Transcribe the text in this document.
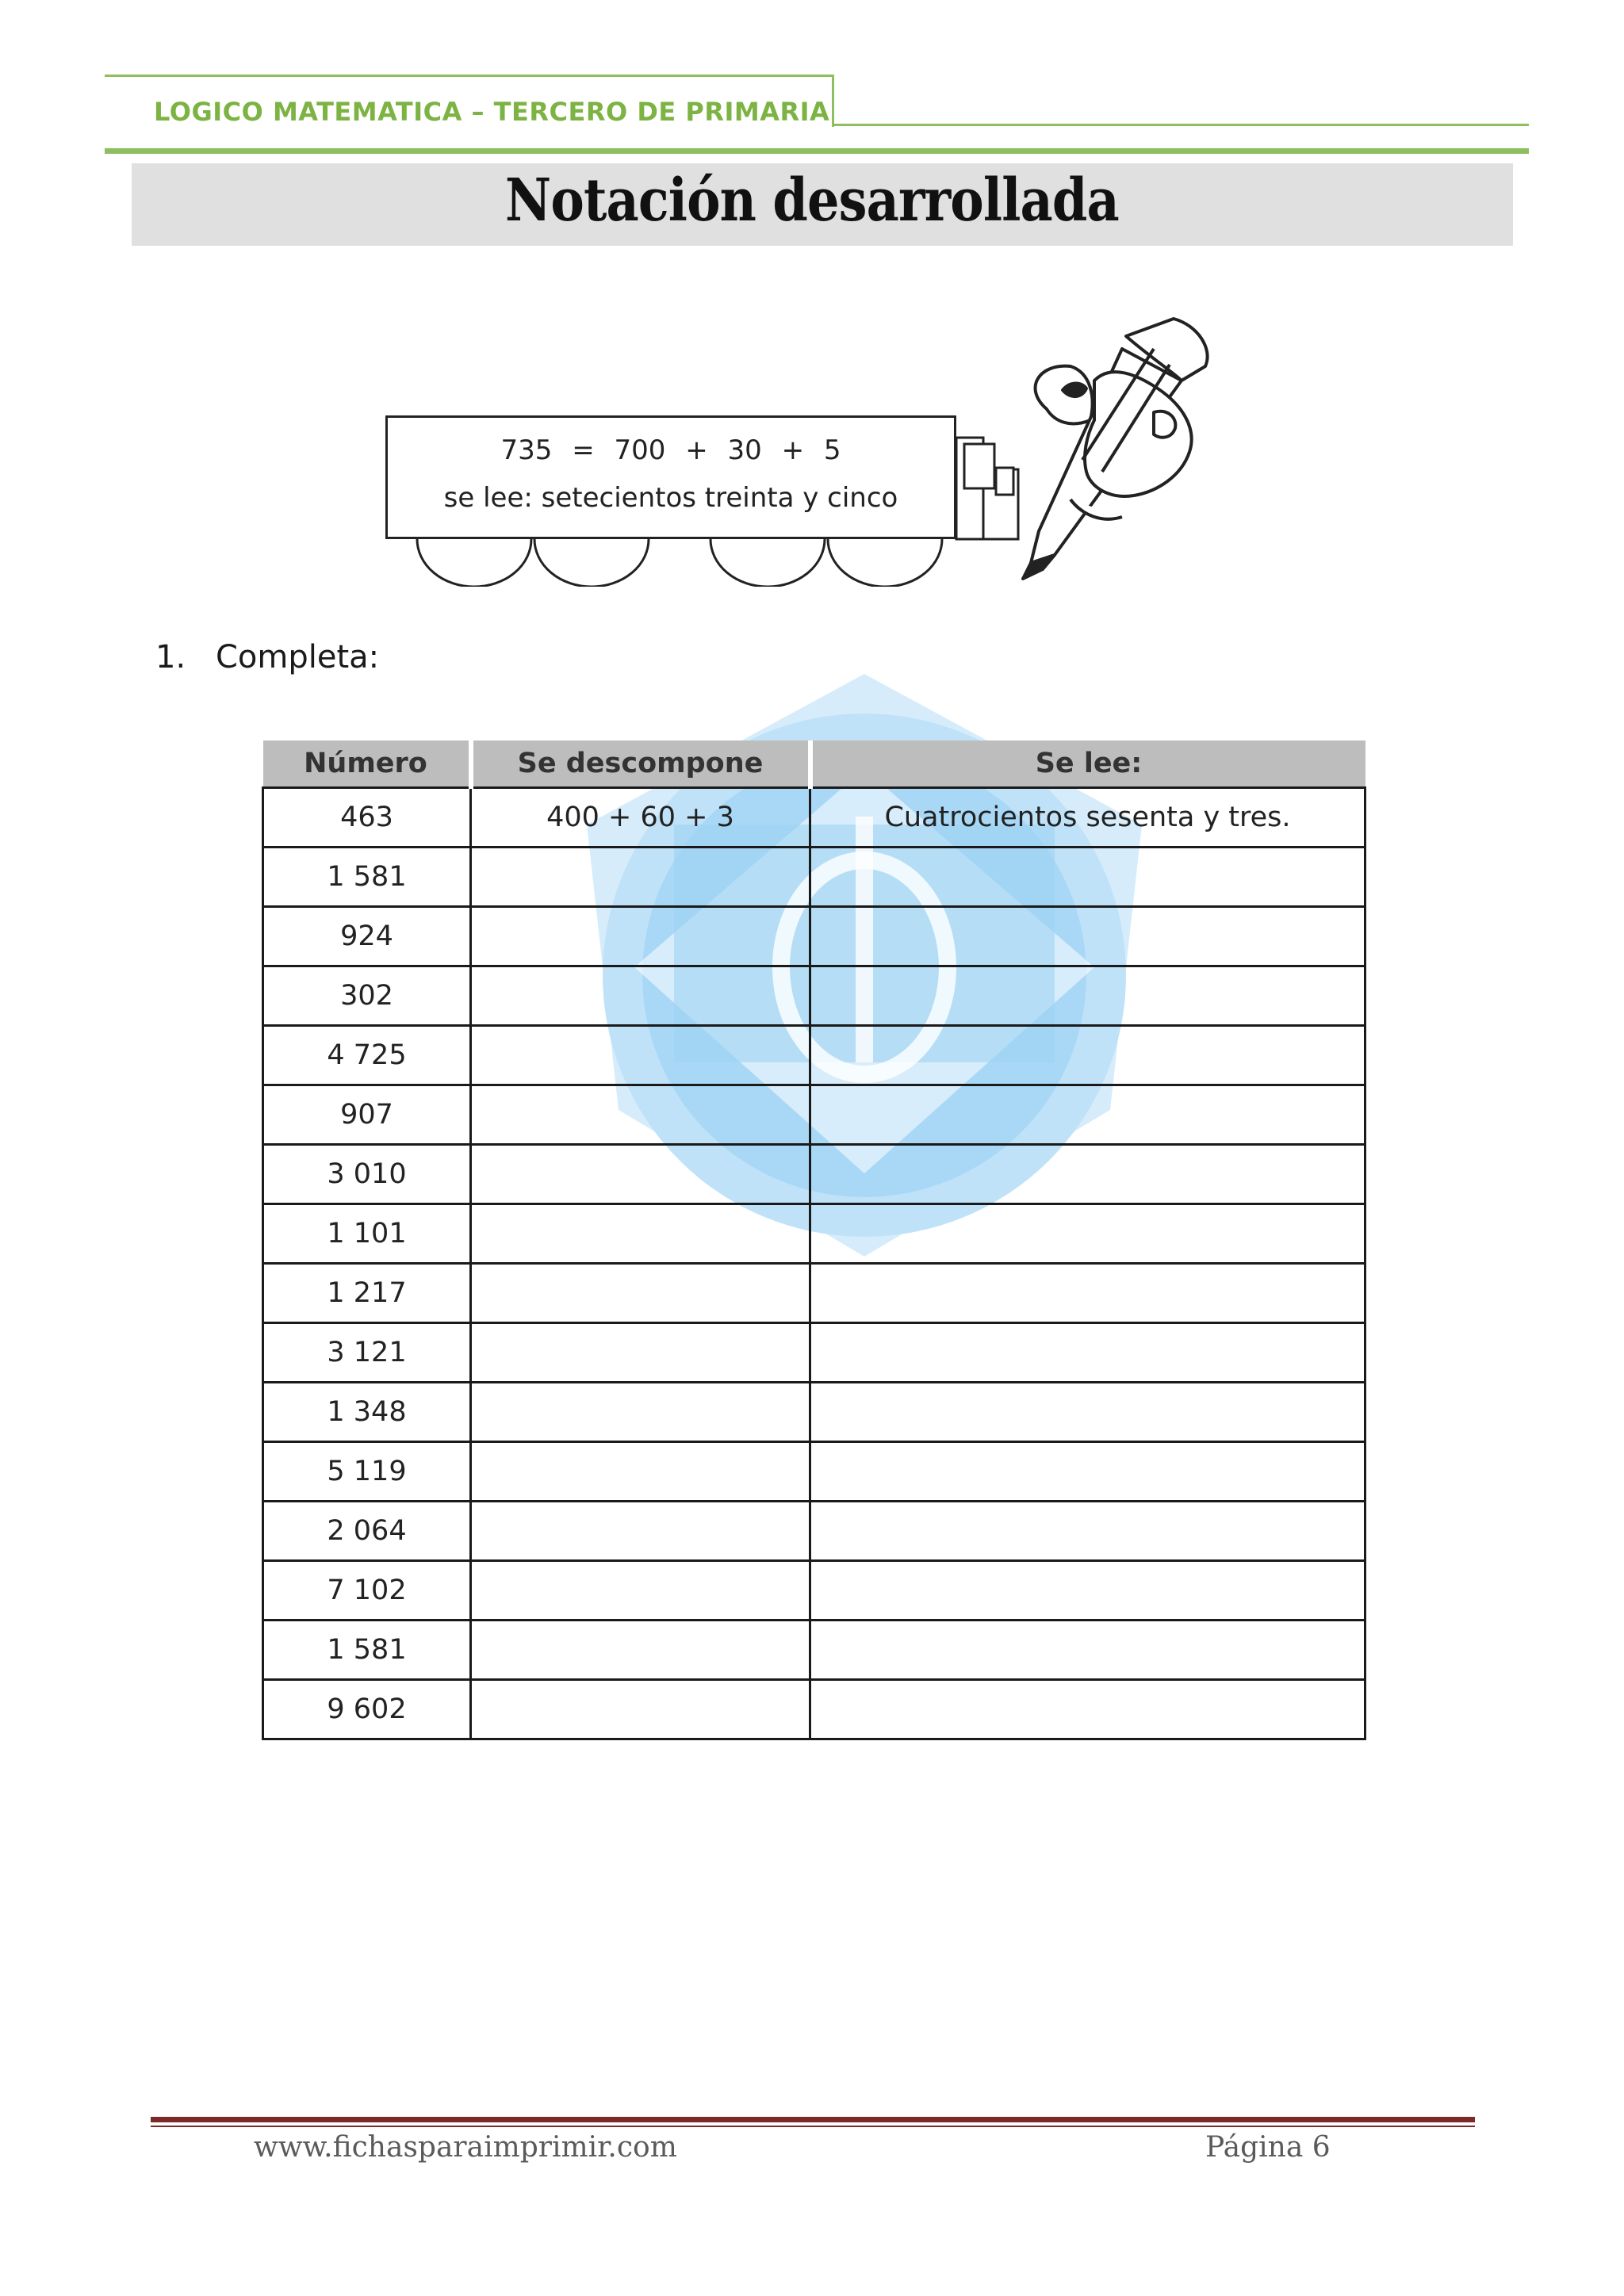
LOGICO MATEMATICA – TERCERO DE PRIMARIA
Notación desarrollada
735 = 700 + 30 + 5
se lee: setecientos treinta y cinco
1. Completa:
Número	Se descompone	Se lee:
463	400 + 60 + 3	Cuatrocientos sesenta y tres.
1 581		
924		
302		
4 725		
907		
3 010		
1 101		
1 217		
3 121		
1 348		
5 119		
2 064		
7 102		
1 581		
9 602		
www.fichasparaimprimir.com	Página 6
